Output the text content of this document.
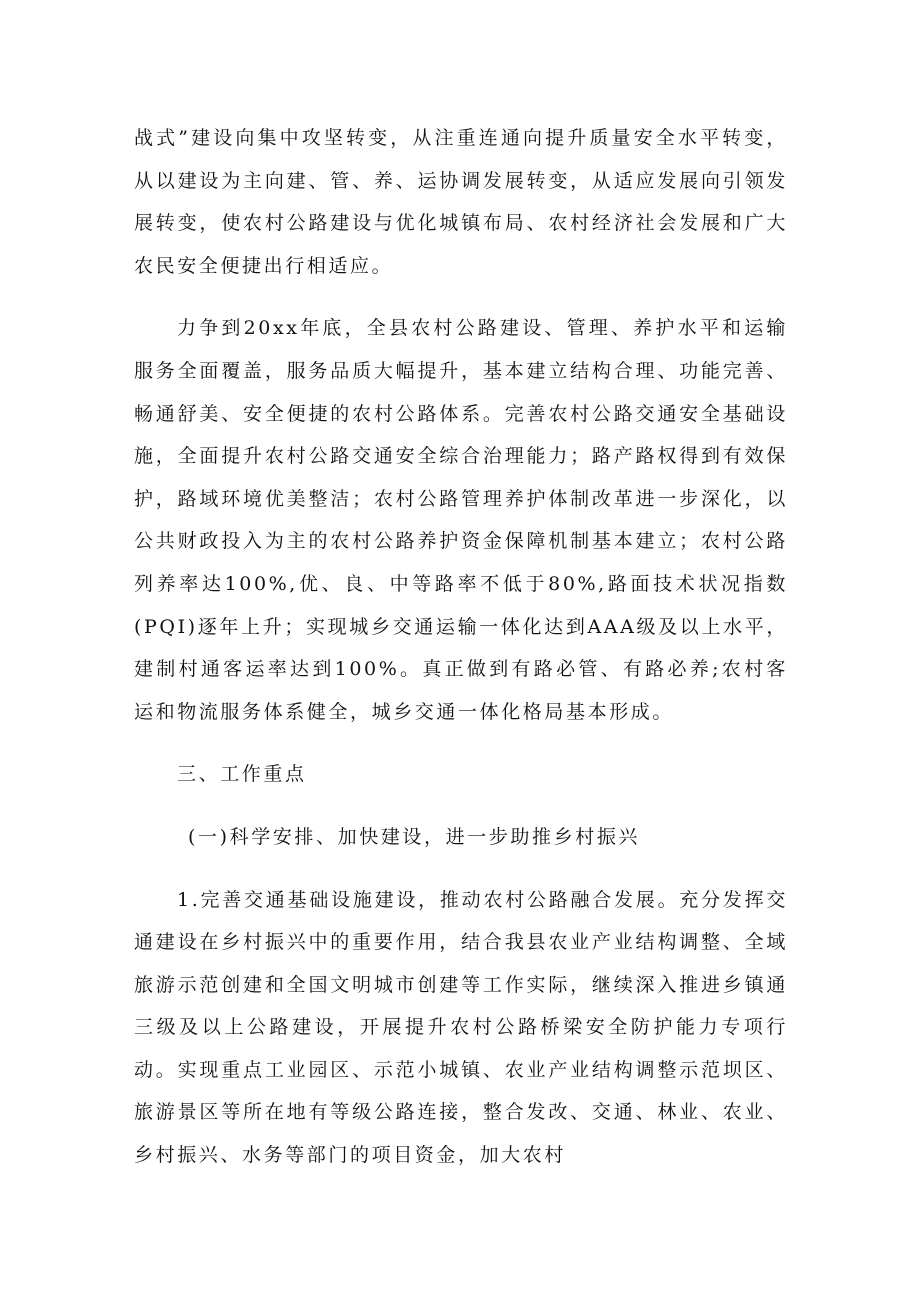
战式”建设向集中攻坚转变，从注重连通向提升质量安全水平转变，从以建设为主向建、管、养、运协调发展转变，从适应发展向引领发展转变，使农村公路建设与优化城镇布局、农村经济社会发展和广大农民安全便捷出行相适应。

力争到20xx年底，全县农村公路建设、管理、养护水平和运输服务全面覆盖，服务品质大幅提升，基本建立结构合理、功能完善、畅通舒美、安全便捷的农村公路体系。完善农村公路交通安全基础设施，全面提升农村公路交通安全综合治理能力；路产路权得到有效保护，路域环境优美整洁；农村公路管理养护体制改革进一步深化，以公共财政投入为主的农村公路养护资金保障机制基本建立；农村公路列养率达100%,优、良、中等路率不低于80%,路面技术状况指数(PQI)逐年上升；实现城乡交通运输一体化达到AAA级及以上水平，建制村通客运率达到100%。真正做到有路必管、有路必养;农村客运和物流服务体系健全，城乡交通一体化格局基本形成。

三、工作重点

(一)科学安排、加快建设，进一步助推乡村振兴

1.完善交通基础设施建设，推动农村公路融合发展。充分发挥交通建设在乡村振兴中的重要作用，结合我县农业产业结构调整、全域旅游示范创建和全国文明城市创建等工作实际，继续深入推进乡镇通三级及以上公路建设，开展提升农村公路桥梁安全防护能力专项行动。实现重点工业园区、示范小城镇、农业产业结构调整示范坝区、旅游景区等所在地有等级公路连接，整合发改、交通、林业、农业、乡村振兴、水务等部门的项目资金，加大农村
